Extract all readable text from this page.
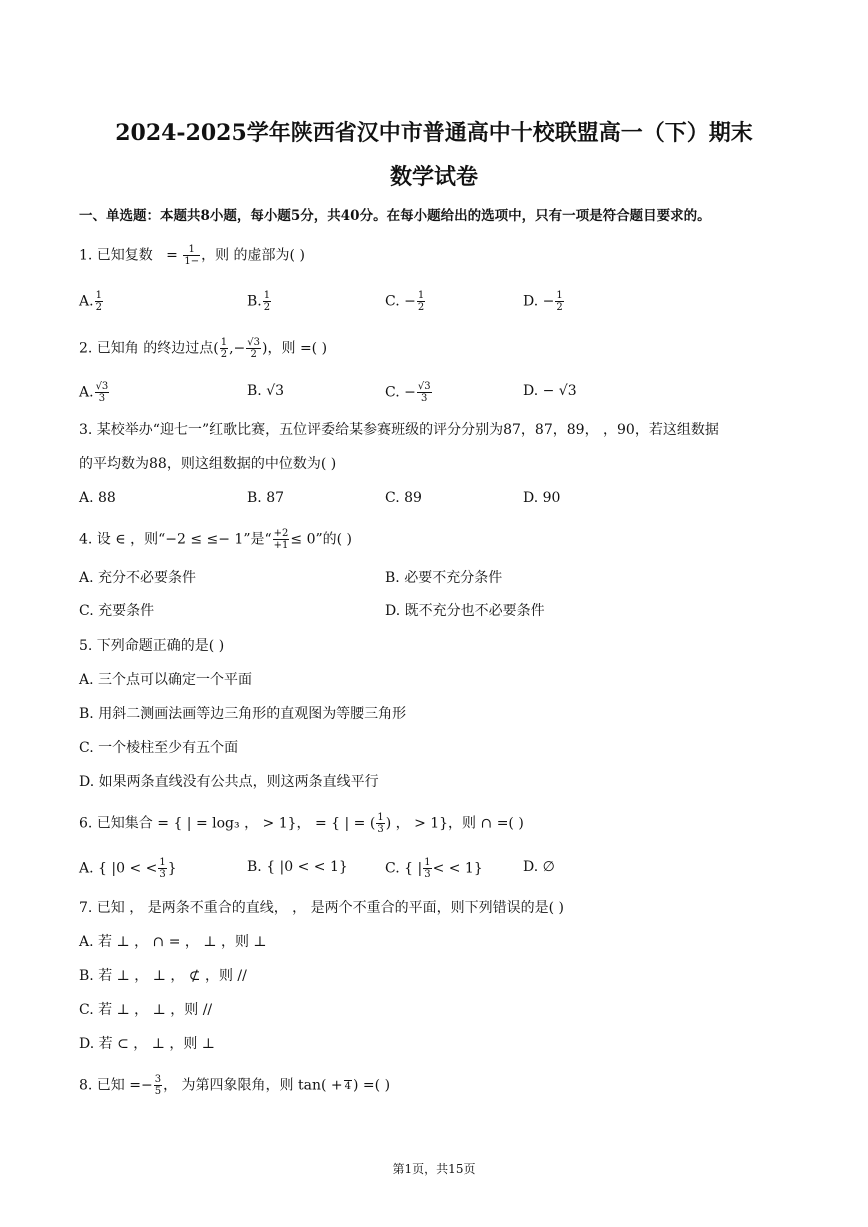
2024-2025学年陕西省汉中市普通高中十校联盟高一（下）期末
数学试卷
一、单选题：本题共8小题，每小题5分，共40分。在每小题给出的选项中，只有一项是符合题目要求的。
1. 已知复数 = $\frac{1}{1-}$ ，则 的虚部为( )
A. $\frac{1}{2}$	B. $\frac{1}{2}$	C. − $\frac{1}{2}$	D. − $\frac{1}{2}$
2. 已知角 的终边过点( $\frac{1}{2}$ ,− $\frac{√3}{2}$ )，则 =( )
A. $\frac{√3}{3}$	B. √3	C. − $\frac{√3}{3}$	D. − √3
3. 某校举办“迎七一”红歌比赛，五位评委给某参赛班级的评分分别为87，87，89， ，90，若这组数据
的平均数为88，则这组数据的中位数为( )
A. 88	B. 87	C. 89	D. 90
4. 设 ∈ ，则“−2 ≤ ≤− 1”是“ $\frac{+2}{+1} \le 0$”的( )
A. 充分不必要条件	B. 必要不充分条件
C. 充要条件	D. 既不充分也不必要条件
5. 下列命题正确的是( )
A. 三个点可以确定一个平面
B. 用斜二测画法画等边三角形的直观图为等腰三角形
C. 一个棱柱至少有五个面
D. 如果两条直线没有公共点，则这两条直线平行
6. 已知集合 = { | = log₃ ， > 1}， = { | = ( $\frac{1}{3}$ ) ， > 1}，则 ∩ =( )
A. { |0 < < $\frac{1}{3}$ }	B. { |0 < < 1}	C. { | $\frac{1}{3}$ < < 1}	D. ∅
7. 已知 ， 是两条不重合的直线， ， 是两个不重合的平面，则下列错误的是( )
A. 若 ⊥ ， ∩ = ， ⊥ ，则 ⊥
B. 若 ⊥ ， ⊥ ， ⊄ ，则 //
C. 若 ⊥ ， ⊥ ，则 //
D. 若 ⊂ ， ⊥ ，则 ⊥
8. 已知 =− $\frac{3}{5}$ ， 为第四象限角，则 tan( + 4 ) =( )
第1页，共15页
